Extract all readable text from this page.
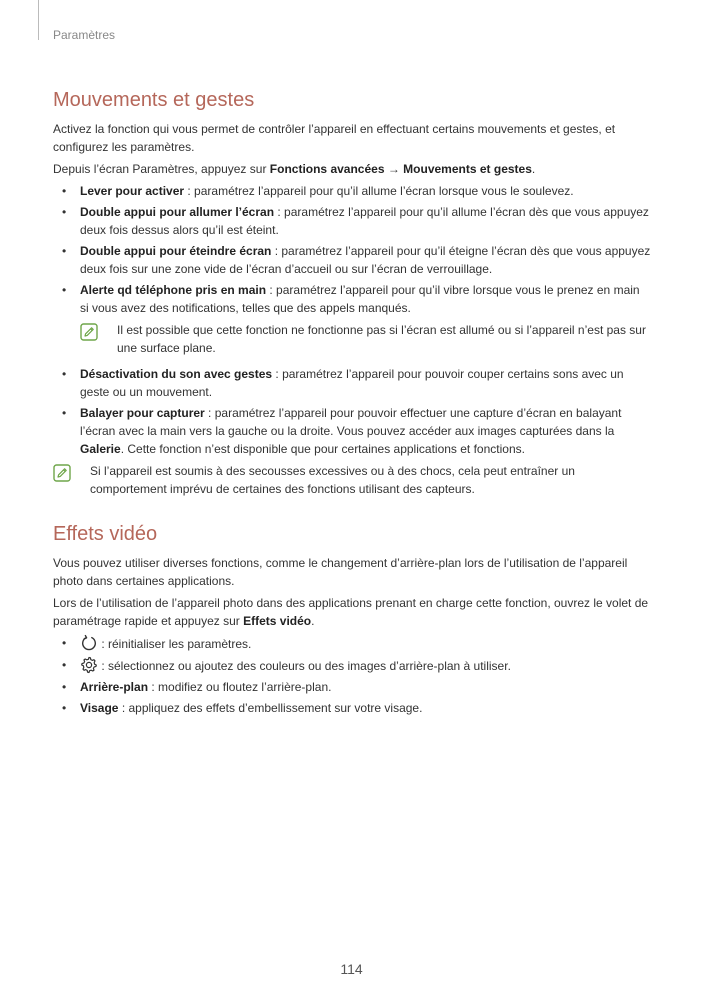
Paramètres
Mouvements et gestes

Activez la fonction qui vous permet de contrôler l’appareil en effectuant certains mouvements et gestes, et configurez les paramètres.

Depuis l’écran Paramètres, appuyez sur Fonctions avancées → Mouvements et gestes.

• Lever pour activer : paramétrez l’appareil pour qu’il allume l’écran lorsque vous le soulevez.
• Double appui pour allumer l’écran : paramétrez l’appareil pour qu’il allume l’écran dès que vous appuyez deux fois dessus alors qu’il est éteint.
• Double appui pour éteindre écran : paramétrez l’appareil pour qu’il éteigne l’écran dès que vous appuyez deux fois sur une zone vide de l’écran d’accueil ou sur l’écran de verrouillage.
• Alerte qd téléphone pris en main : paramétrez l’appareil pour qu’il vibre lorsque vous le prenez en main si vous avez des notifications, telles que des appels manqués.
Il est possible que cette fonction ne fonctionne pas si l’écran est allumé ou si l’appareil n’est pas sur une surface plane.
• Désactivation du son avec gestes : paramétrez l’appareil pour pouvoir couper certains sons avec un geste ou un mouvement.
• Balayer pour capturer : paramétrez l’appareil pour pouvoir effectuer une capture d’écran en balayant l’écran avec la main vers la gauche ou la droite. Vous pouvez accéder aux images capturées dans la Galerie. Cette fonction n’est disponible que pour certaines applications et fonctions.
Si l’appareil est soumis à des secousses excessives ou à des chocs, cela peut entraîner un comportement imprévu de certaines des fonctions utilisant des capteurs.
Effets vidéo

Vous pouvez utiliser diverses fonctions, comme le changement d’arrière-plan lors de l’utilisation de l’appareil photo dans certaines applications.

Lors de l’utilisation de l’appareil photo dans des applications prenant en charge cette fonction, ouvrez le volet de paramétrage rapide et appuyez sur Effets vidéo.

•	: réinitialiser les paramètres.
•	: sélectionnez ou ajoutez des couleurs ou des images d’arrière-plan à utiliser.
• Arrière-plan : modifiez ou floutez l’arrière-plan.
• Visage : appliquez des effets d’embellissement sur votre visage.
114
